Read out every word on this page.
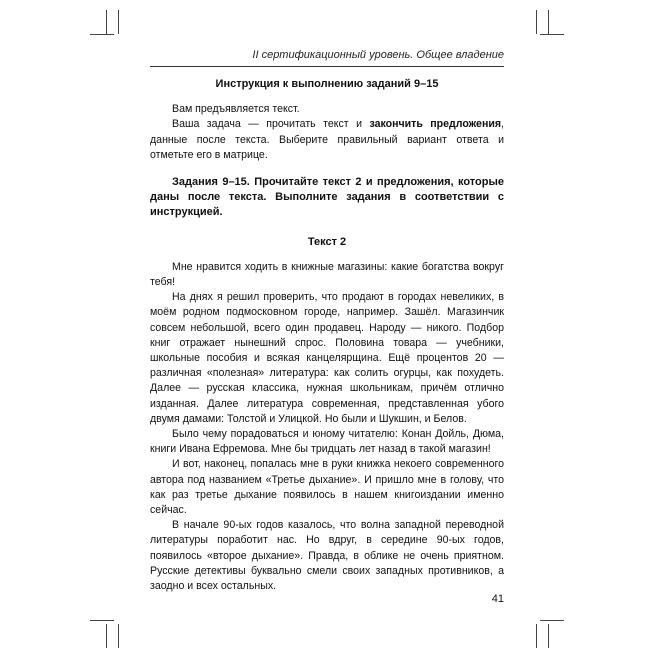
II сертификационный уровень. Общее владение

Инструкция к выполнению заданий 9–15

Вам предъявляется текст.

Ваша задача — прочитать текст и закончить предложения, данные после текста. Выберите правильный вариант ответа и отметьте его в матрице.

Задания 9–15. Прочитайте текст 2 и предложения, которые даны после текста. Выполните задания в соответствии с инструкцией.

Текст 2

Мне нравится ходить в книжные магазины: какие богатства вокруг тебя!

На днях я решил проверить, что продают в городах невеликих, в моём родном подмосковном городе, например. Зашёл. Магазинчик совсем небольшой, всего один продавец. Народу — никого. Подбор книг отражает нынешний спрос. Половина товара — учебники, школьные пособия и всякая канцелярщина. Ещё процентов 20 — различная «полезная» литература: как солить огурцы, как похудеть. Далее — русская классика, нужная школьникам, причём отлично изданная. Далее литература современная, представленная убого двумя дамами: Толстой и Улицкой. Но были и Шукшин, и Белов.

Было чему порадоваться и юному читателю: Конан Дойль, Дюма, книги Ивана Ефремова. Мне бы тридцать лет назад в такой магазин!

И вот, наконец, попалась мне в руки книжка некоего современного автора под названием «Третье дыхание». И пришло мне в голову, что как раз третье дыхание появилось в нашем книгоиздании именно сейчас.

В начале 90-ых годов казалось, что волна западной переводной литературы поработит нас. Но вдруг, в середине 90-ых годов, появилось «второе дыхание». Правда, в облике не очень приятном. Русские детективы буквально смели своих западных противников, а заодно и всех остальных.

41
